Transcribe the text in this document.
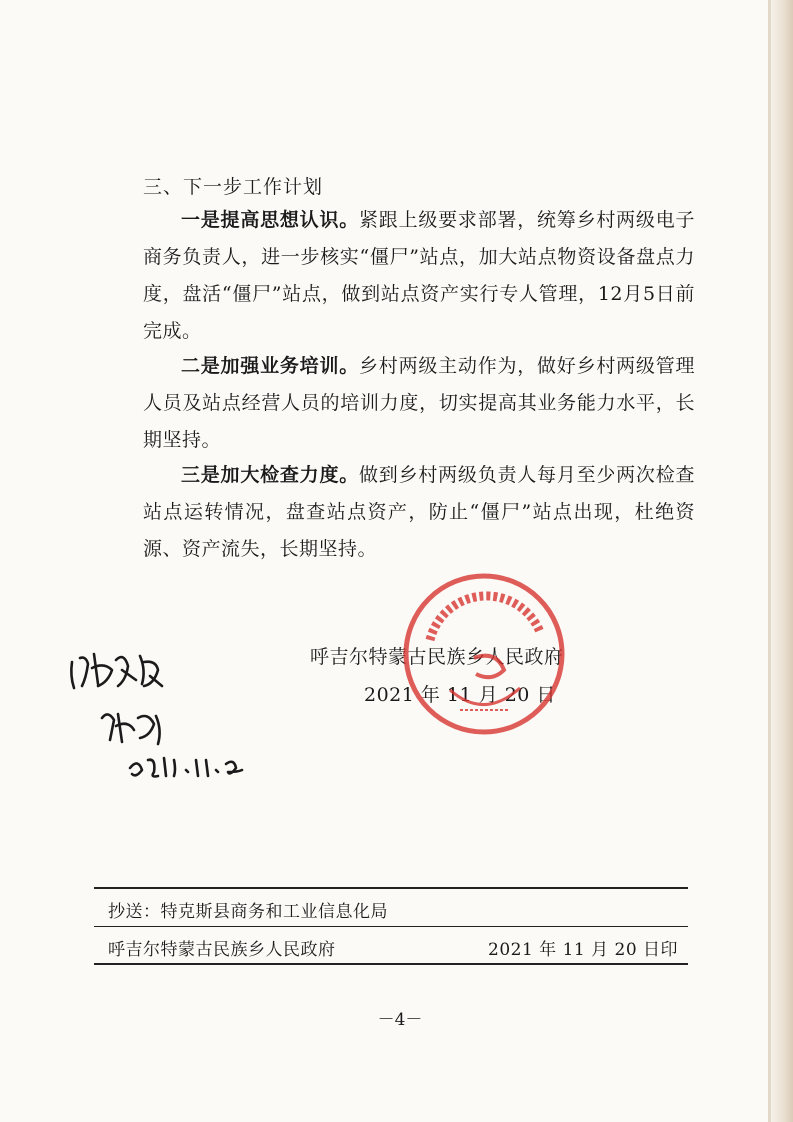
三、下一步工作计划
一是提高思想认识。紧跟上级要求部署，统筹乡村两级电子商务负责人，进一步核实“僵尸”站点，加大站点物资设备盘点力度，盘活“僵尸”站点，做到站点资产实行专人管理，12月5日前完成。
二是加强业务培训。乡村两级主动作为，做好乡村两级管理人员及站点经营人员的培训力度，切实提高其业务能力水平，长期坚持。
三是加大检查力度。做到乡村两级负责人每月至少两次检查站点运转情况，盘查站点资产，防止“僵尸”站点出现，杜绝资源、资产流失，长期坚持。
呼吉尔特蒙古民族乡人民政府
2021 年 11 月 20 日
抄送：特克斯县商务和工业信息化局
呼吉尔特蒙古民族乡人民政府	2021 年 11 月 20 日印
－4－
